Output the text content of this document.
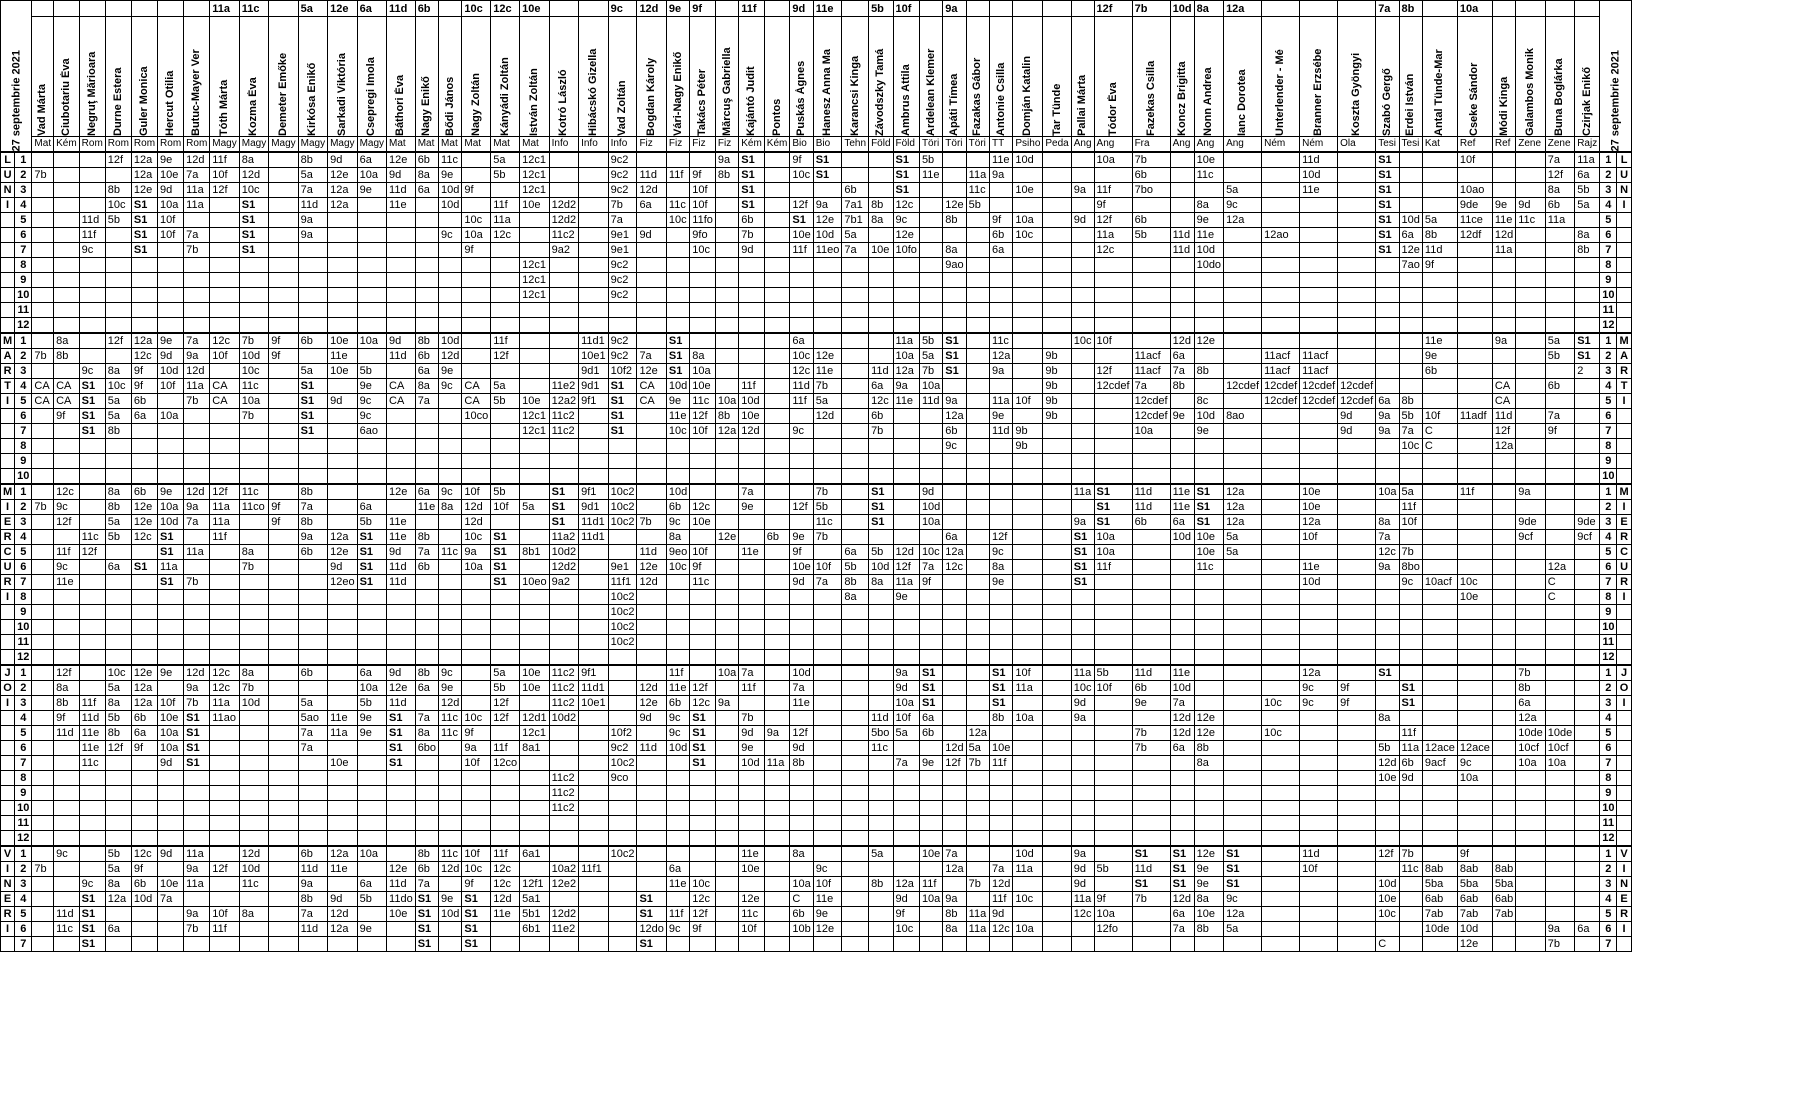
27 septembrie 2021									11a	11c		5a	12e	6a	11d	6b		10c	12c	10e			9c	12d	9e	9f		11f		9d	11e		5b	10f		9a						12f	7b	10d	8a	12a				7a	8b		10a					27 septembrie 2021	

		Vad Márta	Ciubotariu Éva	Negruţ Mărioara	Durne Estera	Guler Monica	Hercut Otilia	Butuc-Mayer Ver	Tóth Márta	Kozma Éva	Demeter Emőke	Kirkósa Enikő	Sarkadi Viktória	Csepregi Imola	Báthori Éva	Nagy Enikő	Bődi János	Nagy Zoltán	Kányádi Zoltán	István Zoltán	Kotró László	Hibácskó Gizella	Vad Zoltán	Bogdan Károly	Vári-Nagy Enikő	Takács Péter	Mărcuş Gabriella	Kajántó Judit	Pontos	Puskás Ágnes	Hanesz Anna Ma	Karancsi Kinga	Závodszky Tamá	Ambrus Attila	Ardelean Klemer	Apáti Tímea	Fazakas Gábor	Antonie Csilla	Domján Katalin	Tar Tünde	Pallai Márta	Tódor Éva	Fazekas Csilla	Koncz Brigitta	Nonn Andrea	Ianc Dorotea	Unterlender - Mé	Branner Erzsébe	Koszta Gyöngyi	Szabó Gergő	Erdei István	Antal Tünde-Mar	Cseke Sándor	Módi Kinga	Galambos Monik	Buna Boglárka	Czirjak Enikő		

		Mat	Kém	Rom	Rom	Rom	Rom	Rom	Magy	Magy	Magy	Magy	Magy	Magy	Mat	Mat	Mat	Mat	Mat	Mat	Info	Info	Info	Fiz	Fiz	Fiz	Fiz	Kém	Kém	Bio	Bio	Tehn	Föld	Föld	Töri	Töri	Töri	TT	Psiho	Peda	Ang	Ang	Fra	Ang	Ang	Ang	Ném	Ném	Ola	Tesi	Tesi	Kat	Ref	Ref	Zene	Zene	Rajz		
L	1				12f	12a	9e	12d	11f	8a		8b	9d	6a	12e	6b	11c		5a	12c1			9c2				9a	S1		9f	S1			S1	5b			11e	10d			10a	7b		10e			11d		S1			10f			7a	11a	1	L
U	2	7b				12a	10e	7a	10f	12d		5a	12e	10a	9d	8a	9e		5b	12c1			9c2	11d	11f	9f	8b	S1		10c	S1			S1	11e		11a	9a					6b		11c			10d		S1						12f	6a	2	U
N	3				8b	12e	9d	11a	12f	10c		7a	12a	9e	11d	6a	10d	9f		12c1			9c2	12d		10f		S1				6b		S1			11c		10e		9a	11f	7bo			5a		11e		S1			10ao			8a	5b	3	N
I	4				10c	S1	10a	11a		S1		11d	12a		11e		10d		11f	10e	12d2		7b	6a	11c	10f		S1		12f	9a	7a1	8b	12c		12e	5b					9f			8a	9c				S1			9de	9e	9d	6b	5a	4	I
	5			11d	5b	S1	10f			S1		9a						10c	11a		12d2		7a		10c	11fo		6b		S1	12e	7b1	8a	9c		8b		9f	10a		9d	12f	6b		9e	12a				S1	10d	5a	11ce	11e	11c	11a		5	
	6			11f		S1	10f	7a		S1		9a					9c	10a	12c		11c2		9e1	9d		9fo		7b		10e	10d	5a		12e				6b	10c			11a	5b	11d	11e		12ao			S1	6a	8b	12df	12d			8a	6	
	7			9c		S1		7b		S1								9f			9a2		9e1			10c		9d		11f	11eo	7a	10e	10fo		8a		6a				12c		11d	10d					S1	12e	11d		11a			8b	7	
	8																			12c1			9c2													9ao									10do						7ao	9f						8	
	9																			12c1			9c2																																			9	
	10																			12c1			9c2																																			10	
	11																																																									11	
	12																																																									12	
M	1		8a		12f	12a	9e	7a	12c	7b	9f	6b	10e	10a	9d	8b	10d		11f			11d1	9c2		S1					6a				11a	5b	S1		11c			10c	10f		12d	12e							11e		9a		5a	S1	1	M
A	2	7b	8b			12c	9d	9a	10f	10d	9f		11e		11d	6b	12d		12f			10e1	9c2	7a	S1	8a				10c	12e			10a	5a	S1		12a		9b			11acf	6a			11acf	11acf				9e				5b	S1	2	A
R	3			9c	8a	9f	10d	12d		10c		5a	10e	5b		6a	9e					9d1	10f2	12e	S1	10a				12c	11e		11d	12a	7b	S1		9a		9b		12f	11acf	7a	8b		11acf	11acf				6b					2	3	R
T	4	CA	CA	S1	10c	9f	10f	11a	CA	11c		S1		9e	CA	8a	9c	CA	5a		11e2	9d1	S1	CA	10d	10e		11f		11d	7b		6a	9a	10a					9b		12cdef	7a	8b		12cdef	12cdef	12cdef	12cdef					CA		6b		4	T
I	5	CA	CA	S1	5a	6b		7b	CA	10a		S1	9d	9c	CA	7a		CA	5b	10e	12a2	9f1	S1	CA	9e	11c	10a	10d		11f	5a		12c	11e	11d	9a		11a	10f	9b			12cdef		8c		12cdef	12cdef	12cdef	6a	8b			CA				5	I
	6		9f	S1	5a	6a	10a			7b		S1		9c				10co		12c1	11c2		S1		11e	12f	8b	10e			12d		6b			12a		9e		9b			12cdef	9e	10d	8ao			9d	9a	5b	10f	11adf	11d		7a		6	
	7			S1	8b							S1		6ao						12c1	11c2		S1		10c	10f	12a	12d		9c			7b			6b		11d	9b				10a		9e				9d	9a	7a	C		12f		9f		7	
	8																																			9c			9b												10c	C		12a				8	
	9																																																									9	
	10																																																									10	
M	1		12c		8a	6b	9e	12d	12f	11c		8b			12e	6a	9c	10f	5b		S1	9f1	10c2		10d			7a			7b		S1		9d						11a	S1	11d	11e	S1	12a		10e		10a	5a		11f		9a			1	M
I	2	7b	9c		8b	12e	10a	9a	11a	11co	9f	7a		6a		11e	8a	12d	10f	5a	S1	9d1	10c2		6b	12c		9e		12f	5b		S1		10d							S1	11d	11e	S1	12a		10e			11f							2	I
E	3		12f		5a	12e	10d	7a	11a		9f	8b		5b	11e			12d			S1	11d1	10c2	7b	9c	10e					11c		S1		10a						9a	S1	6b	6a	S1	12a		12a		8a	10f				9de		9de	3	E
R	4			11c	5b	12c	S1		11f			9a	12a	S1	11e	8b		10c	S1		11a2	11d1			8a		12e		6b	9e	7b					6a		12f			S1	10a		10d	10e	5a		10f		7a					9cf		9cf	4	R
C	5		11f	12f			S1	11a		8a		6b	12e	S1	9d	7a	11c	9a	S1	8b1	10d2			11d	9eo	10f		11e		9f		6a	5b	12d	10c	12a		9c			S1	10a			10e	5a				12c	7b							5	C
U	6		9c		6a	S1	11a			7b			9d	S1	11d	6b		10a	S1		12d2		9e1	12e	10c	9f				10e	10f	5b	10d	12f	7a	12c		8a			S1	11f			11c			11e		9a	8bo					12a		6	U
R	7		11e				S1	7b					12eo	S1	11d				S1	10eo	9a2		11f1	12d		11c				9d	7a	8b	8a	11a	9f			9e			S1							10d			9c	10acf	10c			C		7	R
I	8																						10c2									8a		9e																			10e			C		8	I
	9																						10c2																																			9	
	10																						10c2																																			10	
	11																						10c2																																			11	
	12																																																									12	
J	1		12f		10c	12e	9e	12d	12c	8a		6b		6a	9d	8b	9c		5a	10e	11c2	9f1			11f		10a	7a		10d				9a	S1			S1	10f		11a	5b	11d	11e				12a		S1					7b			1	J
O	2		8a		5a	12a		9a	12c	7b				10a	12e	6a	9e		5b	10e	11c2	11d1		12d	11e	12f		11f		7a				9d	S1			S1	11a		10c	10f	6b	10d				9c	9f		S1				8b			2	O
I	3		8b	11f	8a	12a	10f	7b	11a	10d		5a		5b	11d		12d		12f		11c2	10e1		12e	6b	12c	9a			11e				10a	S1			S1			9d		9e	7a			10c	9c	9f		S1				6a			3	I
	4		9f	11d	5b	6b	10e	S1	11ao			5ao	11e	9e	S1	7a	11c	10c	12f	12d1	10d2			9d	9c	S1		7b					11d	10f	6a			8b	10a		9a			12d	12e					8a					12a			4	
	5		11d	11e	8b	6a	10a	S1				7a	11a	9e	S1	8a	11c	9f		12c1			10f2		9c	S1		9d	9a	12f			5bo	5a	6b		12a						7b	12d	12e		10c				11f				10de	10de		5	
	6			11e	12f	9f	10a	S1				7a			S1	6bo		9a	11f	8a1			9c2	11d	10d	S1		9e		9d			11c			12d	5a	10e					7b	6a	8b					5b	11a	12ace	12ace		10cf	10cf		6	
	7			11c			9d	S1					10e		S1			10f	12co				10c2			S1		10d	11a	8b				7a	9e	12f	7b	11f							8a					12d	6b	9acf	9c		10a	10a		7	
	8																				11c2		9co																											10e	9d		10a					8	
	9																				11c2																																					9	
	10																				11c2																																					10	
	11																																																									11	
	12																																																									12	
V	1		9c		5b	12c	9d	11a		12d		6b	12a	10a		8b	11c	10f	11f	6a1			10c2					11e		8a			5a		10e	7a			10d		9a		S1	S1	12e	S1		11d		12f	7b		9f					1	V
I	2	7b			5a	9f		9a	12f	10d		11d	11e		12e	6b	12d	10c	12c		10a2	11f1			6a			10e			9c					12a		7a	11a		9d	5b	11d	S1	9e	S1		10f			11c	8ab	8ab	8ab				2	I
N	3			9c	8a	6b	10e	11a		11c		9a		6a	11d	7a		9f	12c	12f1	12e2				11e	10c				10a	10f		8b	12a	11f		7b	12d			9d		S1	S1	9e	S1				10d		5ba	5ba	5ba				3	N
E	4			S1	12a	10d	7a					8b	9d	5b	11do	S1	9e	S1	12d	5a1				S1		12c		12e		C	11e			9d	10a	9a		11f	10c		11a	9f	7b	12d	8a	9c				10e		6ab	6ab	6ab				4	E
R	5		11d	S1				9a	10f	8a		7a	12d		10e	S1	10d	S1	11e	5b1	12d2			S1	11f	12f		11c		6b	9e			9f		8b	11a	9d			12c	10a		6a	10e	12a				10c		7ab	7ab	7ab				5	R
I	6		11c	S1	6a			7b	11f			11d	12a	9e		S1		S1		6b1	11e2			12do	9c	9f		10f		10b	12e			10c		8a	11a	12c	10a			12fo		7a	8b	5a						10de	10d			9a	6a	6	I
	7			S1												S1		S1						S1																										C			12e			7b		7	
